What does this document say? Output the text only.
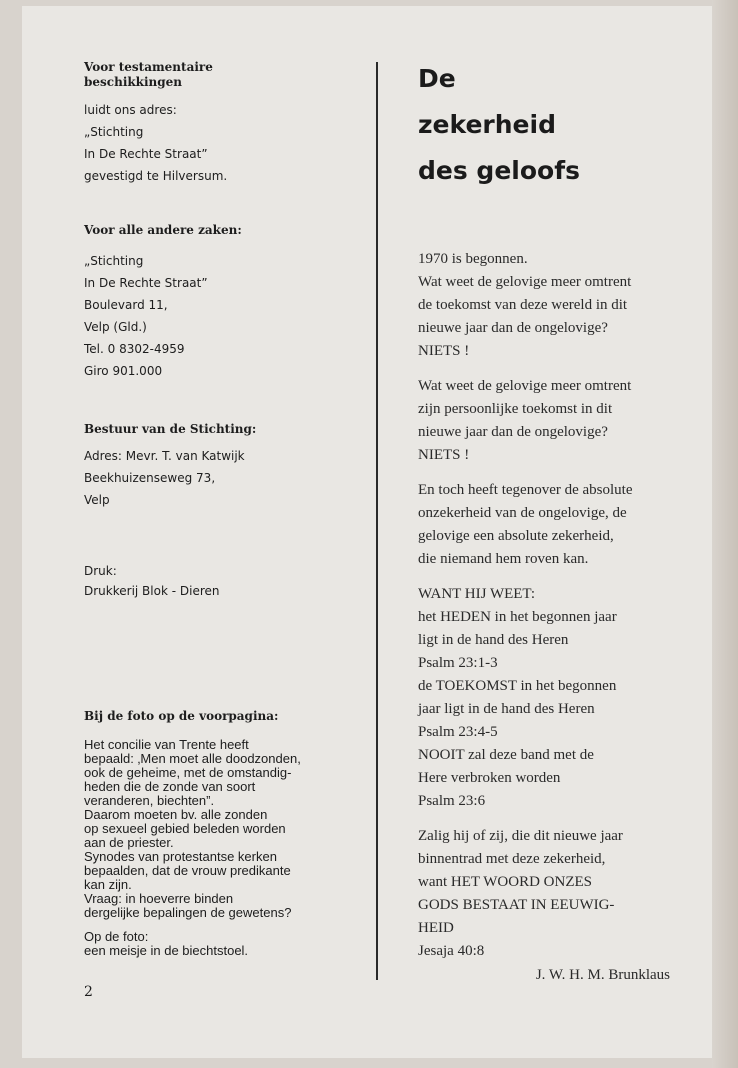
Voor testamentaire
beschikkingen
luidt ons adres:
„Stichting
In De Rechte Straat”
gevestigd te Hilversum.
Voor alle andere zaken:
„Stichting
In De Rechte Straat”
Boulevard 11,
Velp (Gld.)
Tel. 0 8302-4959
Giro 901.000
Bestuur van de Stichting:
Adres: Mevr. T. van Katwijk
Beekhuizenseweg 73,
Velp
Druk:
Drukkerij Blok - Dieren
Bij de foto op de voorpagina:
Het concilie van Trente heeft
bepaald: ‚Men moet alle doodzonden,
ook de geheime, met de omstandig-
heden die de zonde van soort
veranderen, biechten”.
Daarom moeten bv. alle zonden
op sexueel gebied beleden worden
aan de priester.
Synodes van protestantse kerken
bepaalden, dat de vrouw predikante
kan zijn.
Vraag: in hoeverre binden
dergelijke bepalingen de gewetens?
Op de foto:
een meisje in de biechtstoel.
2
De
zekerheid
des geloofs
1970 is begonnen.
Wat weet de gelovige meer omtrent
de toekomst van deze wereld in dit
nieuwe jaar dan de ongelovige?
NIETS !
Wat weet de gelovige meer omtrent
zijn persoonlijke toekomst in dit
nieuwe jaar dan de ongelovige?
NIETS !
En toch heeft tegenover de absolute
onzekerheid van de ongelovige, de
gelovige een absolute zekerheid,
die niemand hem roven kan.
WANT HIJ WEET:
het HEDEN in het begonnen jaar
ligt in de hand des Heren
Psalm 23:1-3
de TOEKOMST in het begonnen
jaar ligt in de hand des Heren
Psalm 23:4-5
NOOIT zal deze band met de
Here verbroken worden
Psalm 23:6
Zalig hij of zij, die dit nieuwe jaar
binnentrad met deze zekerheid,
want HET WOORD ONZES
GODS BESTAAT IN EEUWIG-
HEID
Jesaja 40:8
J. W. H. M. Brunklaus
